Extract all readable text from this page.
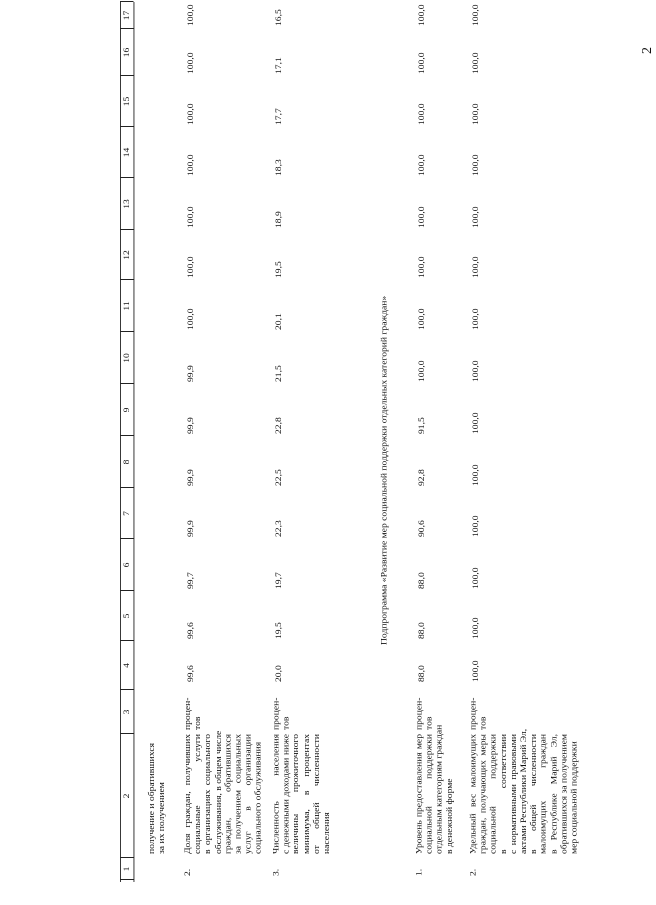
2
1
2
3
4
5
6
7
8
9
10
11
12
13
14
15
16
17
получение и обратившихся за их получением
2.
Доля граждан, получивших социальные услуги в организациях социального обслуживания, в общем числе граждан, обратившихся за получением социальных услуг в организации социального обслуживания
процен- тов
99,6
99,6
99,7
99,9
99,9
99,9
99,9
100,0
100,0
100,0
100,0
100,0
100,0
100,0
3.
Численность населения с денежными доходами ниже величины прожиточного минимума, в процентах от общей численности населения
процен- тов
20,0
19,5
19,7
22,3
22,5
22,8
21,5
20,1
19,5
18,9
18,3
17,7
17,1
16,5
Подпрограмма «Развитие мер социальной поддержки отдельных категорий граждан»
1.
Уровень предоставления мер социальной поддержки отдельным категориям граждан в денежной форме
процен- тов
88,0
88,0
88,0
90,6
92,8
91,5
100,0
100,0
100,0
100,0
100,0
100,0
100,0
100,0
2.
Удельный вес малоимущих граждан, получающих меры социальной поддержки в соответствии с нормативными правовыми актами Республики Марий Эл, в общей численности малоимущих граждан в Республике Марий Эл, обратившихся за получением мер социальной поддержки
процен- тов
100,0
100,0
100,0
100,0
100,0
100,0
100,0
100,0
100,0
100,0
100,0
100,0
100,0
100,0
